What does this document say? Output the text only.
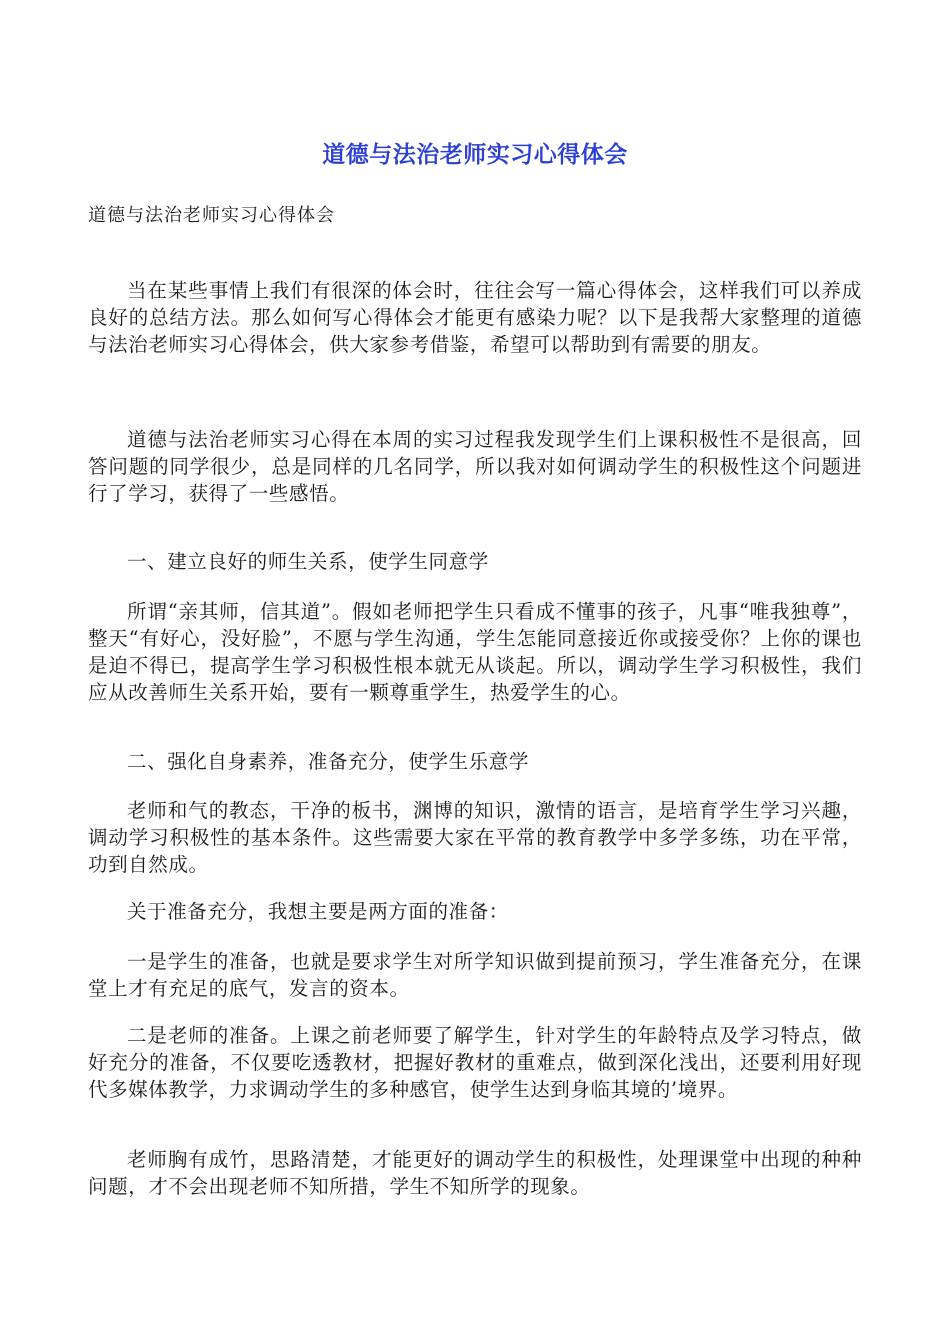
道德与法治老师实习心得体会
道德与法治老师实习心得体会

当在某些事情上我们有很深的体会时，往往会写一篇心得体会，这样我们可以养成良好的总结方法。那么如何写心得体会才能更有感染力呢？以下是我帮大家整理的道德与法治老师实习心得体会，供大家参考借鉴，希望可以帮助到有需要的朋友。

道德与法治老师实习心得在本周的实习过程我发现学生们上课积极性不是很高，回答问题的同学很少，总是同样的几名同学，所以我对如何调动学生的积极性这个问题进行了学习，获得了一些感悟。

一、建立良好的师生关系，使学生同意学

所谓“亲其师，信其道”。假如老师把学生只看成不懂事的孩子，凡事“唯我独尊”，整天“有好心，没好脸”，不愿与学生沟通，学生怎能同意接近你或接受你？上你的课也是迫不得已，提高学生学习积极性根本就无从谈起。所以，调动学生学习积极性，我们应从改善师生关系开始，要有一颗尊重学生，热爱学生的心。

二、强化自身素养，准备充分，使学生乐意学

老师和气的教态，干净的板书，渊博的知识，激情的语言，是培育学生学习兴趣，调动学习积极性的基本条件。这些需要大家在平常的教育教学中多学多练，功在平常，功到自然成。

关于准备充分，我想主要是两方面的准备：

一是学生的准备，也就是要求学生对所学知识做到提前预习，学生准备充分，在课堂上才有充足的底气，发言的资本。

二是老师的准备。上课之前老师要了解学生，针对学生的年龄特点及学习特点，做好充分的准备，不仅要吃透教材，把握好教材的重难点，做到深化浅出，还要利用好现代多媒体教学，力求调动学生的多种感官，使学生达到身临其境的’境界。

老师胸有成竹，思路清楚，才能更好的调动学生的积极性，处理课堂中出现的种种问题，才不会出现老师不知所措，学生不知所学的现象。
